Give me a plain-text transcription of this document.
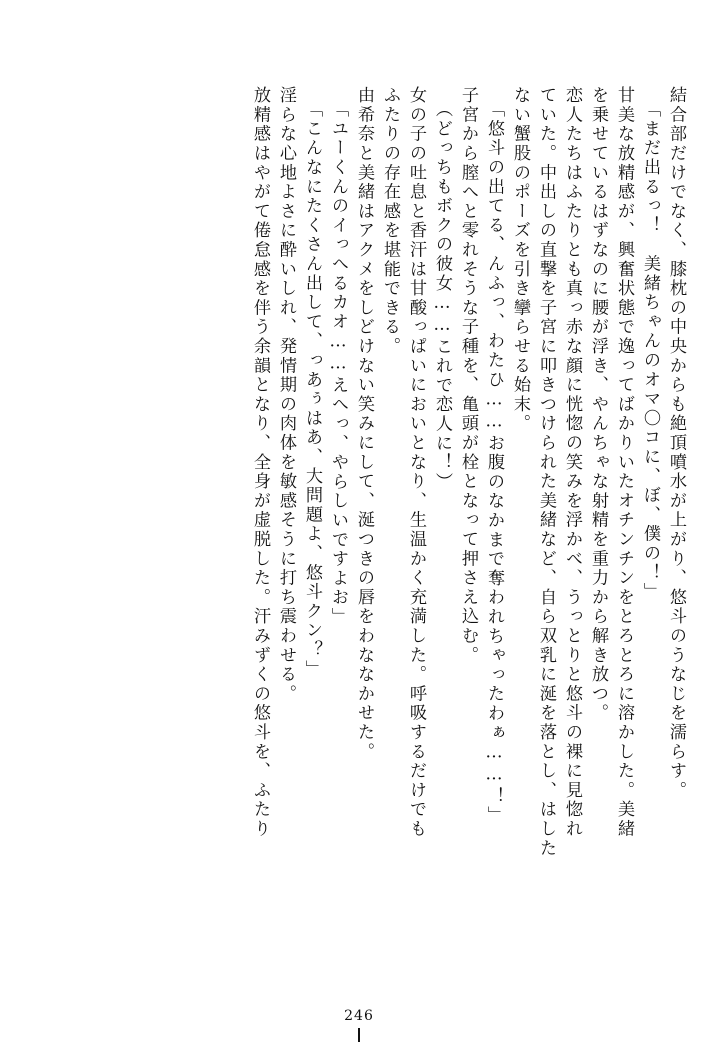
結合部だけでなく、膝枕の中央からも絶頂噴水が上がり、悠斗のうなじを濡らす。
「まだ出るっ！　美緒ちゃんのオマ〇コに、ぼ、僕の！」
甘美な放精感が、興奮状態で逸ってばかりいたオチンチンをとろとろに溶かした。美緒
を乗せているはずなのに腰が浮き、やんちゃな射精を重力から解き放つ。
恋人たちはふたりとも真っ赤な顔に恍惚の笑みを浮かべ、うっとりと悠斗の裸に見惚れ
ていた。中出しの直撃を子宮に叩きつけられた美緒など、自ら双乳に涎を落とし、はした
ない蟹股のポーズを引き攣らせる始末。
「悠斗の出てる、んふっ、わたひ……お腹のなかまで奪われちゃったわぁ……！」
子宮から膣へと零れそうな子種を、亀頭が栓となって押さえ込む。
（どっちもボクの彼女……これで恋人に！）
女の子の吐息と香汗は甘酸っぱいにおいとなり、生温かく充満した。呼吸するだけでも
ふたりの存在感を堪能できる。
由希奈と美緒はアクメをしどけない笑みにして、涎つきの唇をわななかせた。
「ユーくんのイっへるカオ……えへっ、やらしいですよお」
「こんなにたくさん出して、っあぅはあ、大問題よ、悠斗クン？」
淫らな心地よさに酔いしれ、発情期の肉体を敏感そうに打ち震わせる。
放精感はやがて倦怠感を伴う余韻となり、全身が虚脱した。汗みずくの悠斗を、ふたり
246
